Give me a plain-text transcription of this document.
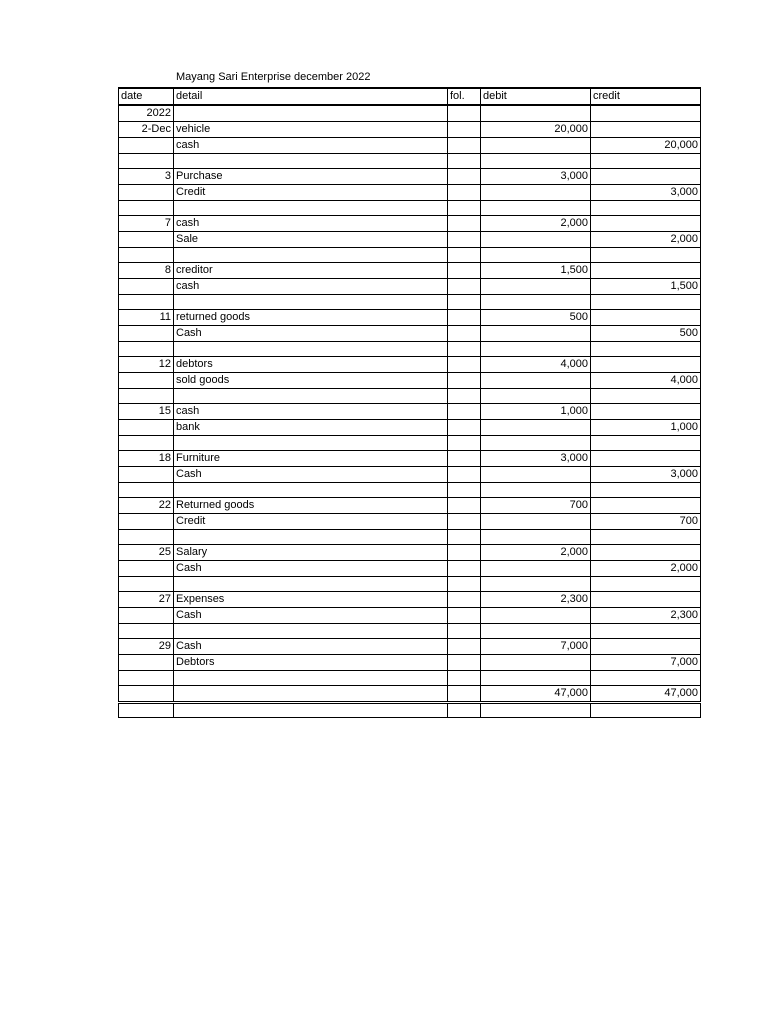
Mayang Sari Enterprise december 2022
date	detail	fol.	debit	credit
2022				
2-Dec	vehicle		20,000	
	cash			20,000

3	Purchase		3,000	
	Credit			3,000

7	cash		2,000	
	Sale			2,000

8	creditor		1,500	
	cash			1,500

11	returned goods		500	
	Cash			500

12	debtors		4,000	
	sold goods			4,000

15	cash		1,000	
	bank			1,000

18	Furniture		3,000	
	Cash			3,000

22	Returned goods		700	
	Credit			700

25	Salary		2,000	
	Cash			2,000

27	Expenses		2,300	
	Cash			2,300

29	Cash		7,000	
	Debtors			7,000

			47,000	47,000
